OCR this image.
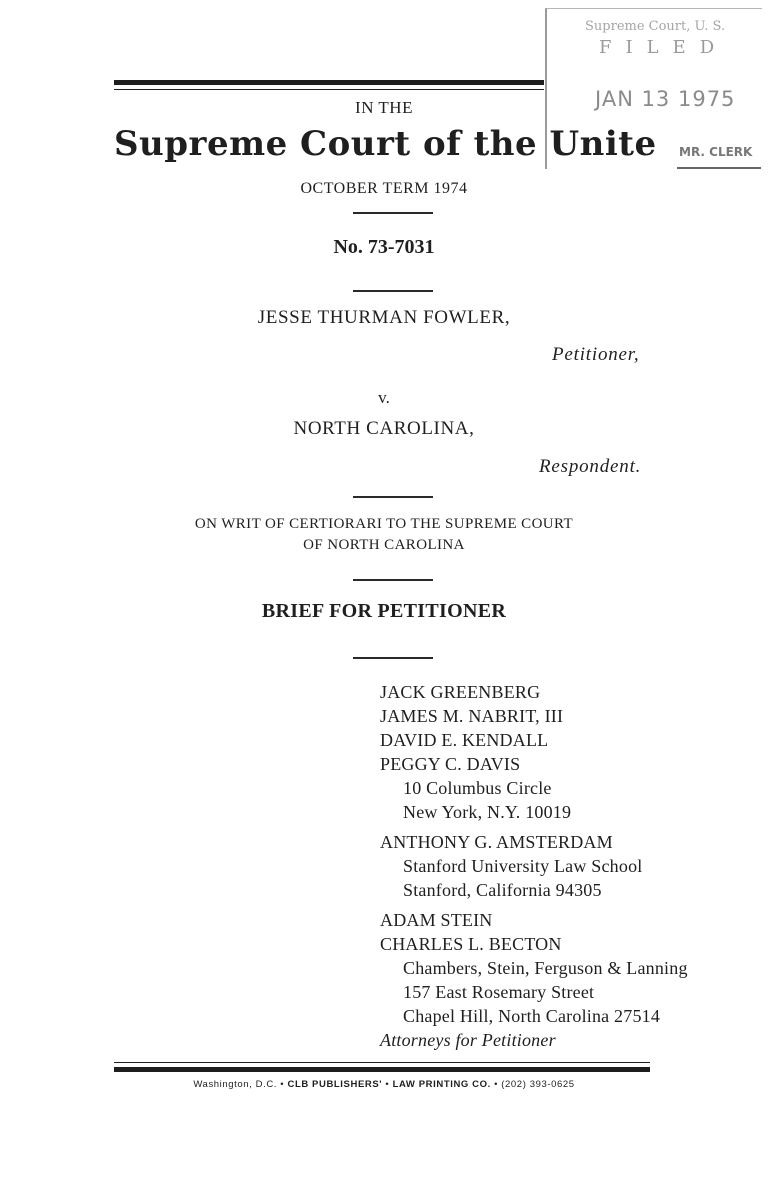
Supreme Court, U. S.
FILED
JAN 13 1975
MR. CLERK
IN THE
Supreme Court of the Unite
OCTOBER TERM 1974
No. 73-7031
JESSE THURMAN FOWLER,
Petitioner,
v.
NORTH CAROLINA,
Respondent.
ON WRIT OF CERTIORARI TO THE SUPREME COURT
OF NORTH CAROLINA
BRIEF FOR PETITIONER
JACK GREENBERG
JAMES M. NABRIT, III
DAVID E. KENDALL
PEGGY C. DAVIS
10 Columbus Circle
New York, N.Y. 10019
ANTHONY G. AMSTERDAM
Stanford University Law School
Stanford, California 94305
ADAM STEIN
CHARLES L. BECTON
Chambers, Stein, Ferguson & Lanning
157 East Rosemary Street
Chapel Hill, North Carolina 27514
Attorneys for Petitioner
Washington, D.C. • CLB PUBLISHERS' • LAW PRINTING CO. • (202) 393-0625
